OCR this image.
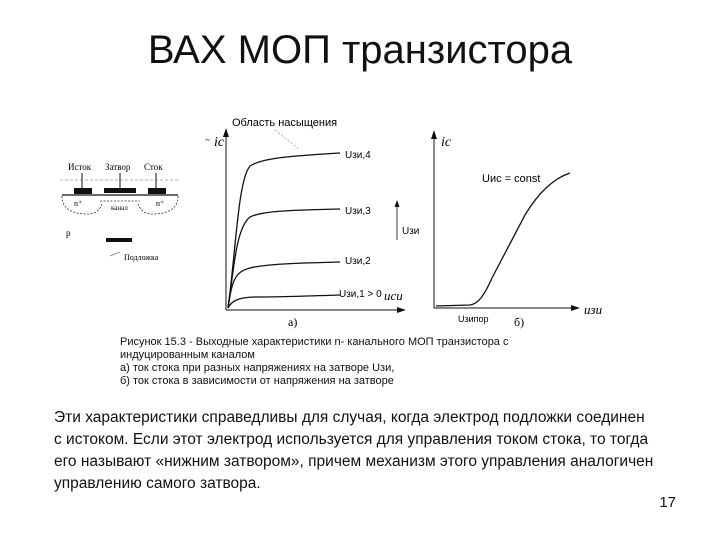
ВАХ МОП транзистора
Область насыщения
Исток Затвор Сток
n⁺	n⁺
канал
p
Подложка
~ iс
uси
а)
Uзи,4
Uзи,3
Uзи,2
Uзи,1 > 0
Uзи
iс
uзи
Uис = const
Uзипор б)
Рисунок 15.3 - Выходные характеристики n- канального МОП транзистора с
индуцированным каналом
а) ток стока при разных напряжениях на затворе Uзи,
б) ток стока в зависимости от напряжения на затворе
Эти характеристики справедливы для случая, когда электрод подложки соединен с истоком. Если этот электрод используется для управления током стока, то тогда его называют «нижним затвором», причем механизм этого управления аналогичен управлению самого затвора.
17
